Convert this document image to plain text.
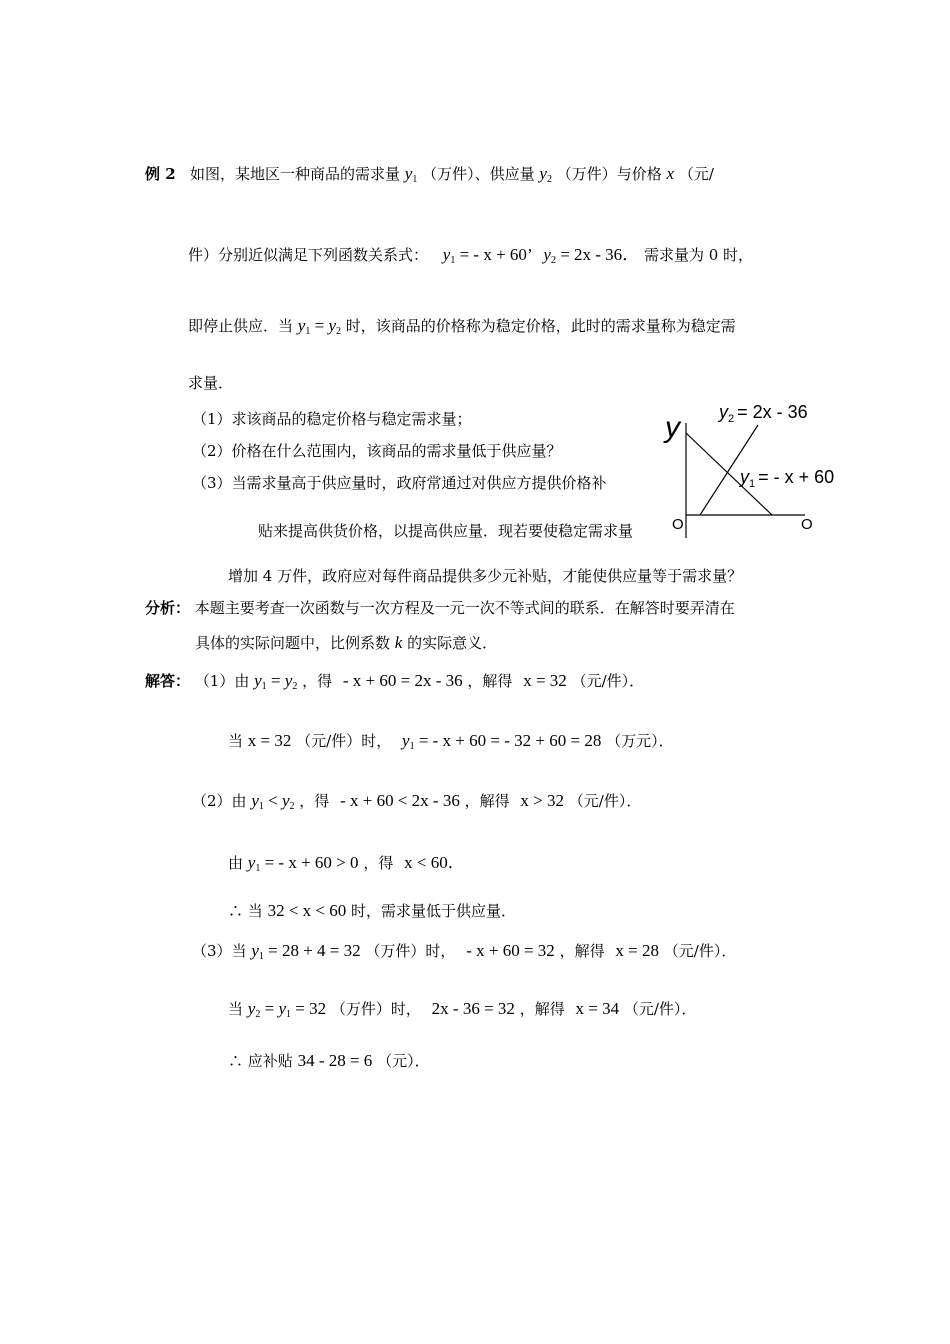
例 2 如图，某地区一种商品的需求量 $y_1$ （万件）、供应量 $y_2$ （万件）与价格 x （元/
件）分别近似满足下列函数关系式： $y_1$ = - x + 60’ $y_2 = 2x - 36$． 需求量为 0 时，
即停止供应．当 $y_1 = y_2$ 时，该商品的价格称为稳定价格，此时的需求量称为稳定需
求量．
（1）求该商品的稳定价格与稳定需求量；
（2）价格在什么范围内，该商品的需求量低于供应量？
（3）当需求量高于供应量时，政府常通过对供应方提供价格补
贴来提高供货价格，以提高供应量．现若要使稳定需求量
增加 4 万件，政府应对每件商品提供多少元补贴，才能使供应量等于需求量？
y
O	O
$y_2 = 2x - 36$
$y_1$ = - x + 60
分析： 本题主要考查一次函数与一次方程及一元一次不等式间的联系．在解答时要弄清在
具体的实际问题中，比例系数 k 的实际意义．
解答： （1）由 $y_1 = y_2$ ，得 - x + 60 = 2x - 36 ，解得 x = 32 （元/件）．
当 x = 32 （元/件）时， $y_1$ = - x + 60 = - 32 + 60 = 28 （万元）．
（2）由 $y_1 < y_2$ ，得 - x + 60 < 2x - 36 ，解得 x > 32 （元/件）．
由 $y_1$ = - x + 60 > 0 ，得 x < 60．
∴ 当 32 < x < 60 时，需求量低于供应量．
（3）当 $y_1 = 28 + 4 = 32$ （万件）时， - x + 60 = 32 ，解得 x = 28 （元/件）．
当 $y_2 = y_1 = 32$ （万件）时， 2x - 36 = 32 ，解得 x = 34 （元/件）．
∴ 应补贴 34 - 28 = 6 （元）．
